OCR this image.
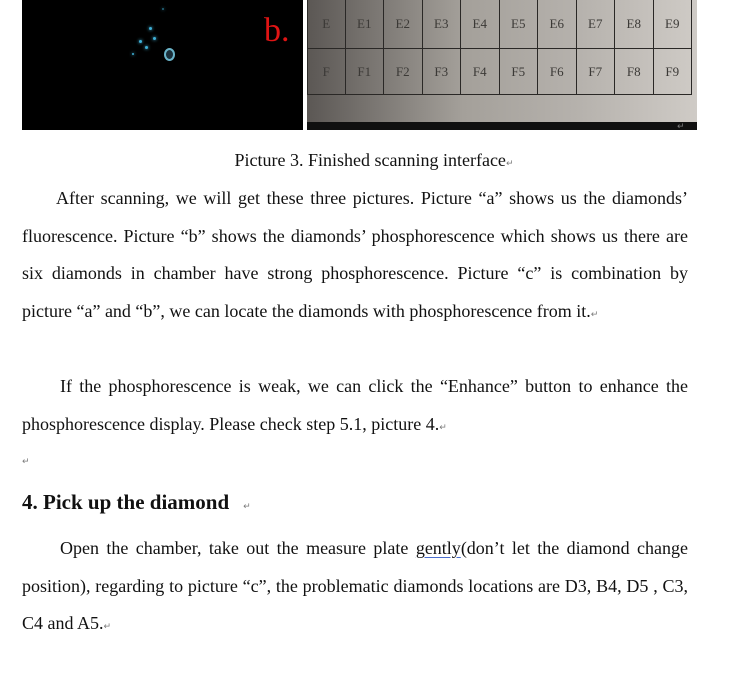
b.	E	E1	E2	E3	E4	E5	E6	E7	E8	E9
F	F1	F2	F3	F4	F5	F6	F7	F8	F9
↵
Picture 3. Finished scanning interface↵

After scanning, we will get these three pictures. Picture “a” shows us the diamonds’ fluorescence. Picture “b” shows the diamonds’ phosphorescence which shows us there are six diamonds in chamber have strong phosphorescence. Picture “c” is combination by picture “a” and “b”, we can locate the diamonds with phosphorescence from it.↵

If the phosphorescence is weak, we can click the “Enhance” button to enhance the phosphorescence display. Please check step 5.1, picture 4.↵

↵
4. Pick up the diamond ↵

Open the chamber, take out the measure plate gently(don’t let the diamond change position), regarding to picture “c”, the problematic diamonds locations are D3, B4, D5 , C3, C4 and A5.↵
